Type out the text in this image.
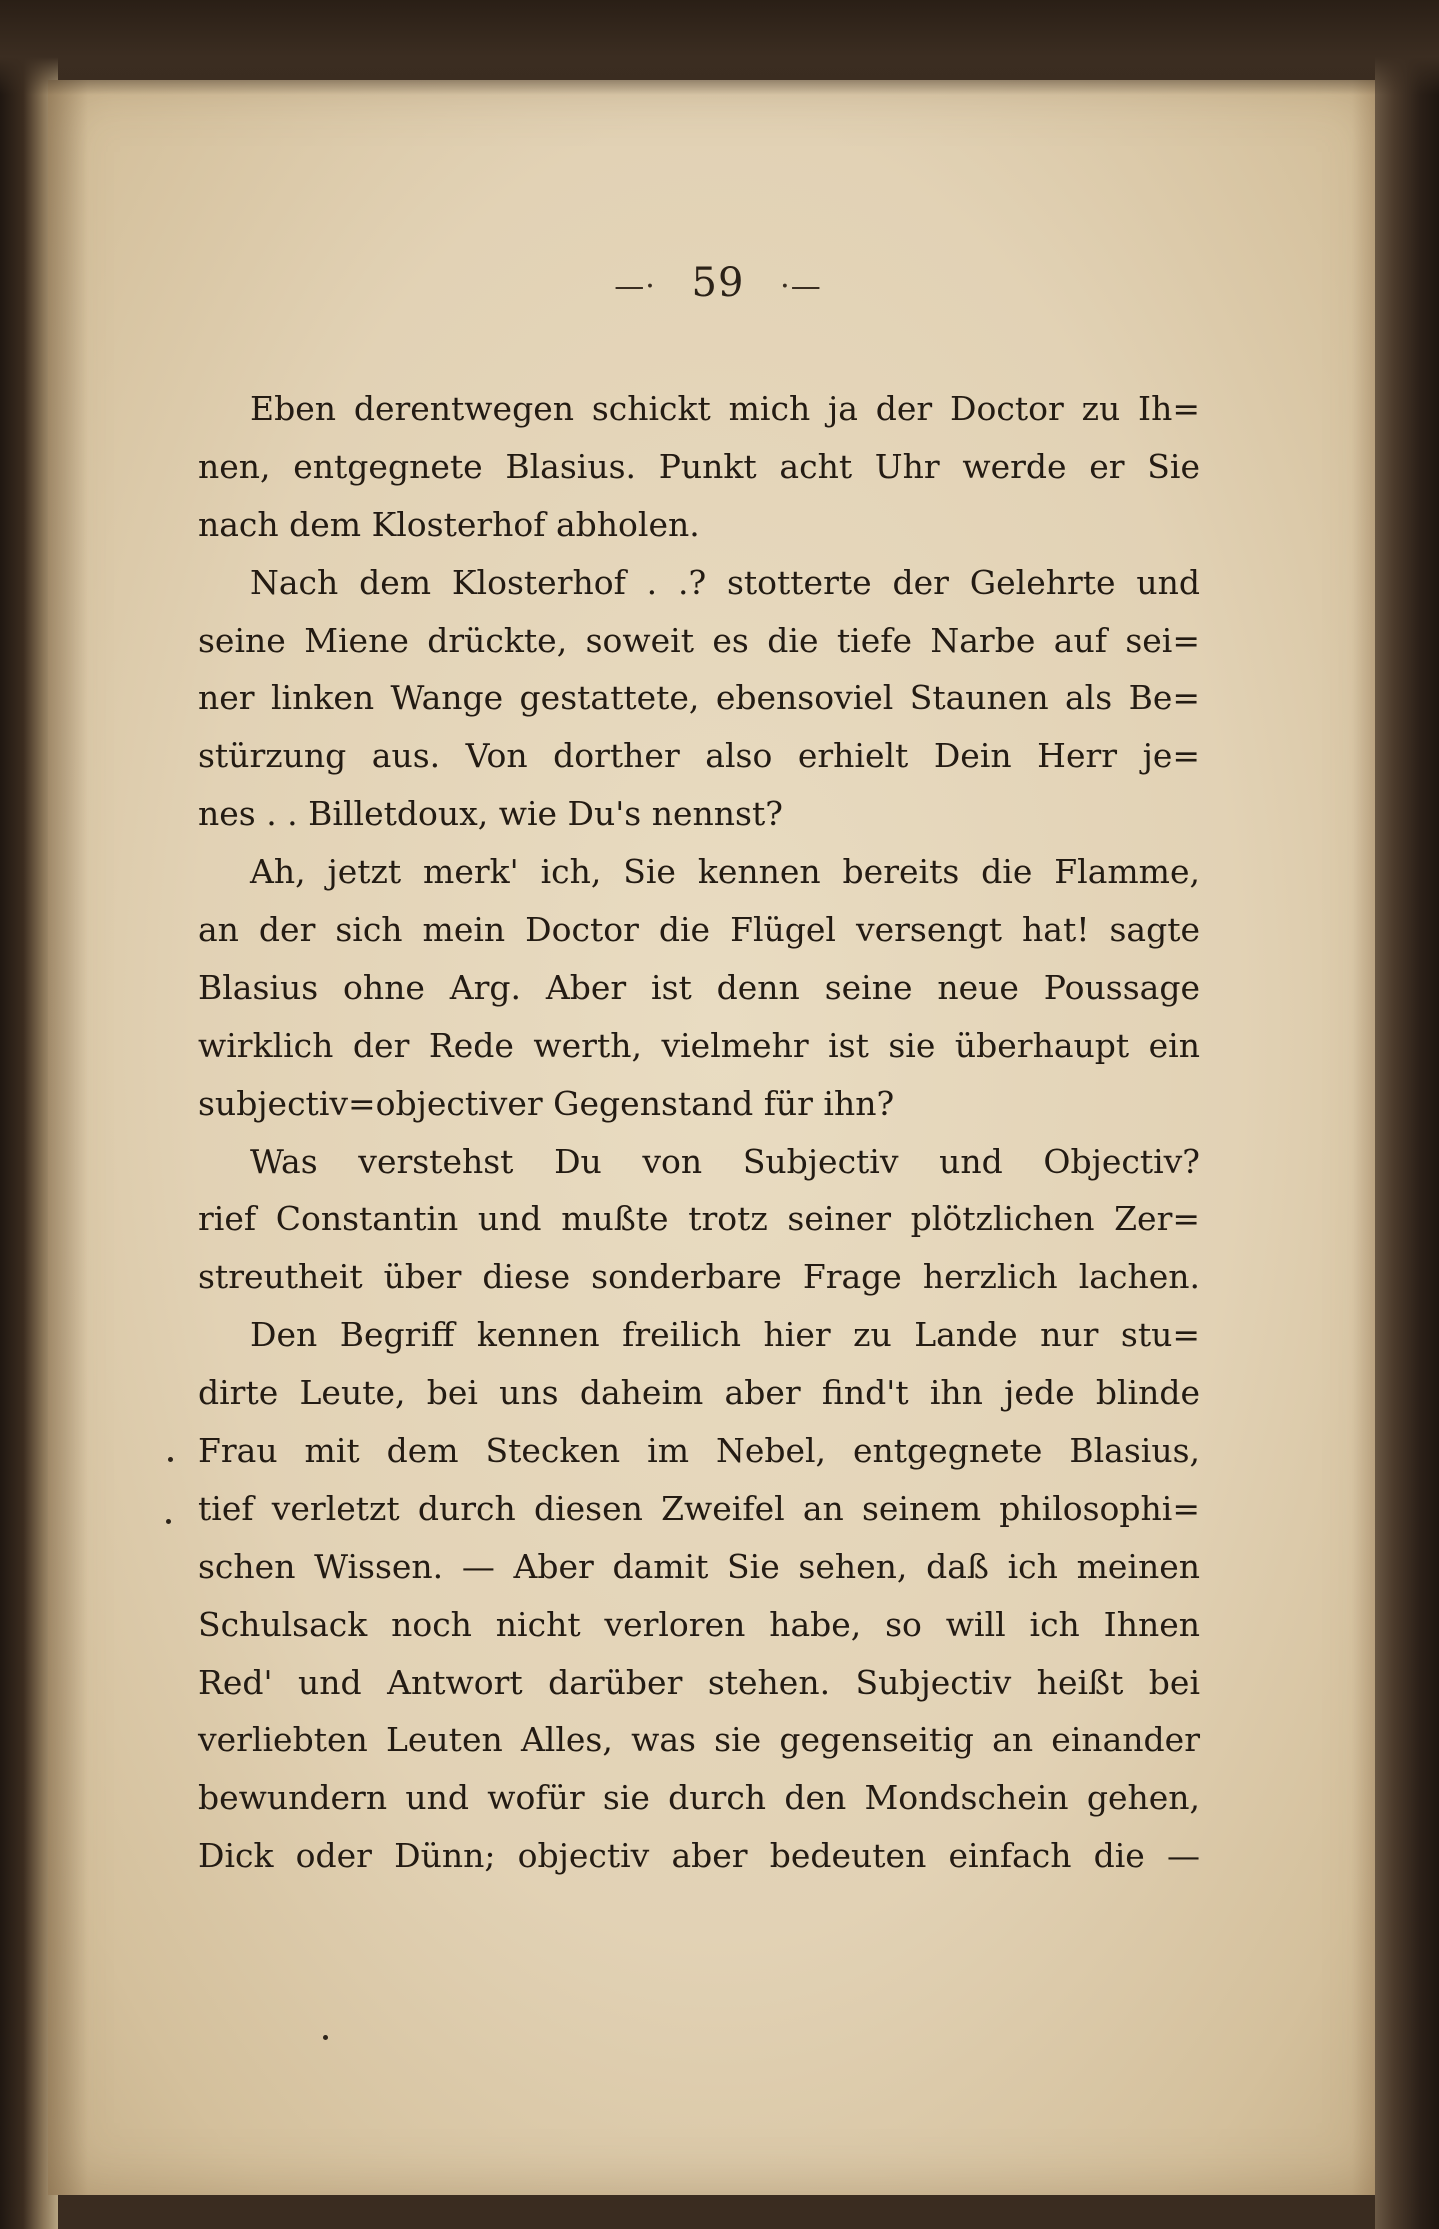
—· 59 ·—
Eben derentwegen schickt mich ja der Doctor zu Ih=
nen, entgegnete Blasius. Punkt acht Uhr werde er Sie
nach dem Klosterhof abholen.
Nach dem Klosterhof . .? stotterte der Gelehrte und
seine Miene drückte, soweit es die tiefe Narbe auf sei=
ner linken Wange gestattete, ebensoviel Staunen als Be=
stürzung aus. Von dorther also erhielt Dein Herr je=
nes . . Billetdoux, wie Du's nennst?
Ah, jetzt merk' ich, Sie kennen bereits die Flamme,
an der sich mein Doctor die Flügel versengt hat! sagte
Blasius ohne Arg. Aber ist denn seine neue Poussage
wirklich der Rede werth, vielmehr ist sie überhaupt ein
subjectiv=objectiver Gegenstand für ihn?
Was verstehst Du von Subjectiv und Objectiv?
rief Constantin und mußte trotz seiner plötzlichen Zer=
streutheit über diese sonderbare Frage herzlich lachen.
Den Begriff kennen freilich hier zu Lande nur stu=
dirte Leute, bei uns daheim aber find't ihn jede blinde
Frau mit dem Stecken im Nebel, entgegnete Blasius,
tief verletzt durch diesen Zweifel an seinem philosophi=
schen Wissen. — Aber damit Sie sehen, daß ich meinen
Schulsack noch nicht verloren habe, so will ich Ihnen
Red' und Antwort darüber stehen. Subjectiv heißt bei
verliebten Leuten Alles, was sie gegenseitig an einander
bewundern und wofür sie durch den Mondschein gehen,
Dick oder Dünn; objectiv aber bedeuten einfach die —
